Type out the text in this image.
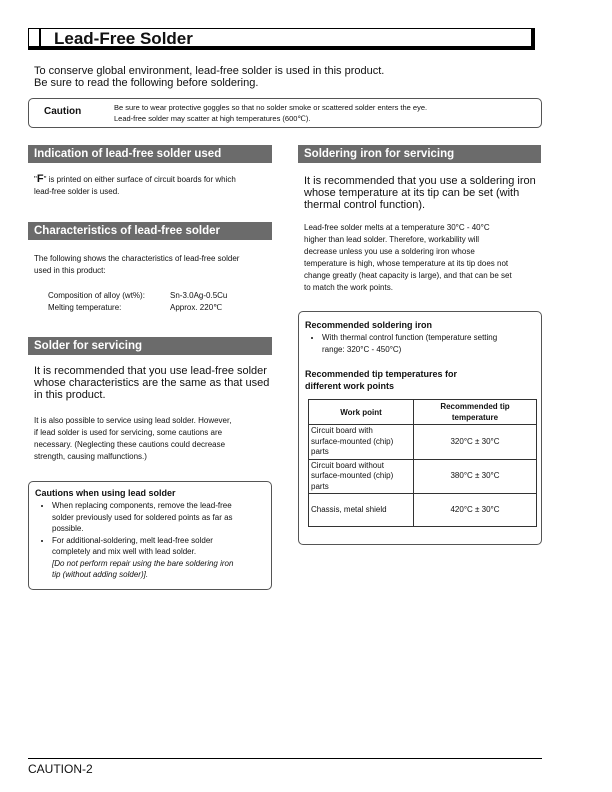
Lead-Free Solder
To conserve global environment, lead-free solder is used in this product.
Be sure to read the following before soldering.
Caution	Be sure to wear protective goggles so that no solder smoke or scattered solder enters the eye.
Lead-free solder may scatter at high temperatures (600℃).
Indication of lead-free solder used
"F" is printed on either surface of circuit boards for which
lead-free solder is used.
Characteristics of lead-free solder
The following shows the characteristics of lead-free solder
used in this product:
Composition of alloy (wt%):	Sn-3.0Ag-0.5Cu
Melting temperature:	Approx. 220℃
Solder for servicing
It is recommended that you use lead-free solder
whose characteristics are the same as that used
in this product.
It is also possible to service using lead solder. However,
if lead solder is used for servicing, some cautions are
necessary. (Neglecting these cautions could decrease
strength, causing malfunctions.)
Cautions when using lead solder
• When replacing components, remove the lead-free
solder previously used for soldered points as far as
possible.
• For additional-soldering, melt lead-free solder
completely and mix well with lead solder.
[Do not perform repair using the bare soldering iron
tip (without adding solder)].
Soldering iron for servicing
It is recommended that you use a soldering iron
whose temperature at its tip can be set (with
thermal control function).
Lead-free solder melts at a temperature 30°C - 40°C
higher than lead solder. Therefore, workability will
decrease unless you use a soldering iron whose
temperature is high, whose temperature at its tip does not
change greatly (heat capacity is large), and that can be set
to match the work points.
Recommended soldering iron
• With thermal control function (temperature setting
range: 320°C - 450°C)
Recommended tip temperatures for
different work points
Work point	Recommended tip temperature

Circuit board with
surface-mounted (chip)
parts	320°C ± 30°C

Circuit board without
surface-mounted (chip)
parts	380°C ± 30°C

Chassis, metal shield	420°C ± 30°C
CAUTION-2
